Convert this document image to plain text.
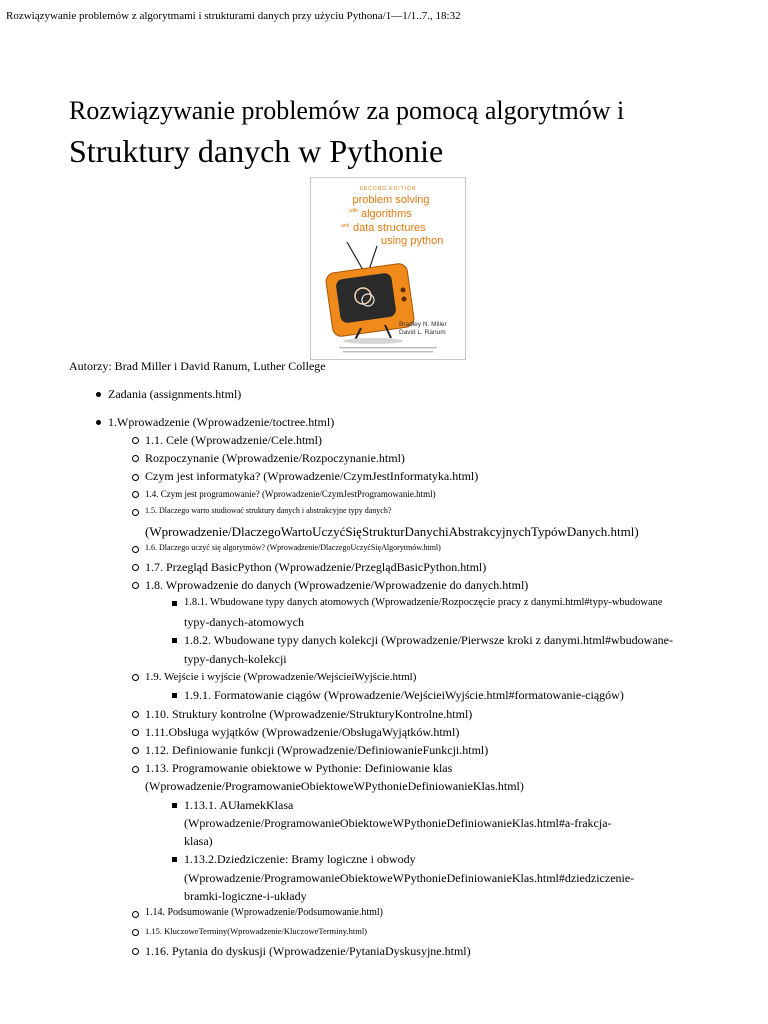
Rozwiązywanie problemów z algorytmami i strukturami danych przy użyciu Pythona/1—1/1..7., 18:32
Rozwiązywanie problemów za pomocą algorytmów i
Struktury danych w Pythonie
SECOND EDITION
problem solving
with algorithms
and data structures
using python
Bradley N. Miller
David L. Ranum
Autorzy: Brad Miller i David Ranum, Luther College
Zadania (assignments.html)
1.Wprowadzenie (Wprowadzenie/toctree.html)
1.1. Cele (Wprowadzenie/Cele.html)
Rozpoczynanie (Wprowadzenie/Rozpoczynanie.html)
Czym jest informatyka? (Wprowadzenie/CzymJestInformatyka.html)
1.4. Czym jest programowanie? (Wprowadzenie/CzymJestProgramowanie.html)
1.5. Dlaczego warto studiować struktury danych i abstrakcyjne typy danych?
(Wprowadzenie/DlaczegoWartoUczyćSięStrukturDanychiAbstrakcyjnychTypówDanych.html)
1.6. Dlaczego uczyć się algorytmów? (Wprowadzenie/DlaczegoUczyćSięAlgorytmów.html)
1.7. Przegląd BasicPython (Wprowadzenie/PrzeglądBasicPython.html)
1.8. Wprowadzenie do danych (Wprowadzenie/Wprowadzenie do danych.html)
1.8.1. Wbudowane typy danych atomowych (Wprowadzenie/Rozpoczęcie pracy z danymi.html#typy-wbudowane
typy-danych-atomowych
1.8.2. Wbudowane typy danych kolekcji (Wprowadzenie/Pierwsze kroki z danymi.html#wbudowane-
typy-danych-kolekcji
1.9. Wejście i wyjście (Wprowadzenie/WejścieiWyjście.html)
1.9.1. Formatowanie ciągów (Wprowadzenie/WejścieiWyjście.html#formatowanie-ciągów)
1.10. Struktury kontrolne (Wprowadzenie/StrukturyKontrolne.html)
1.11.Obsługa wyjątków (Wprowadzenie/ObsługaWyjątków.html)
1.12. Definiowanie funkcji (Wprowadzenie/DefiniowanieFunkcji.html)
1.13. Programowanie obiektowe w Pythonie: Definiowanie klas
(Wprowadzenie/ProgramowanieObiektoweWPythonieDefiniowanieKlas.html)
1.13.1. AUłamekKlasa
(Wprowadzenie/ProgramowanieObiektoweWPythonieDefiniowanieKlas.html#a-frakcja-
klasa)
1.13.2.Dziedziczenie: Bramy logiczne i obwody
(Wprowadzenie/ProgramowanieObiektoweWPythonieDefiniowanieKlas.html#dziedziczenie-
bramki-logiczne-i-układy
1.14. Podsumowanie (Wprowadzenie/Podsumowanie.html)
1.15. KluczoweTerminy(Wprowadzenie/KluczoweTerminy.html)
1.16. Pytania do dyskusji (Wprowadzenie/PytaniaDyskusyjne.html)
